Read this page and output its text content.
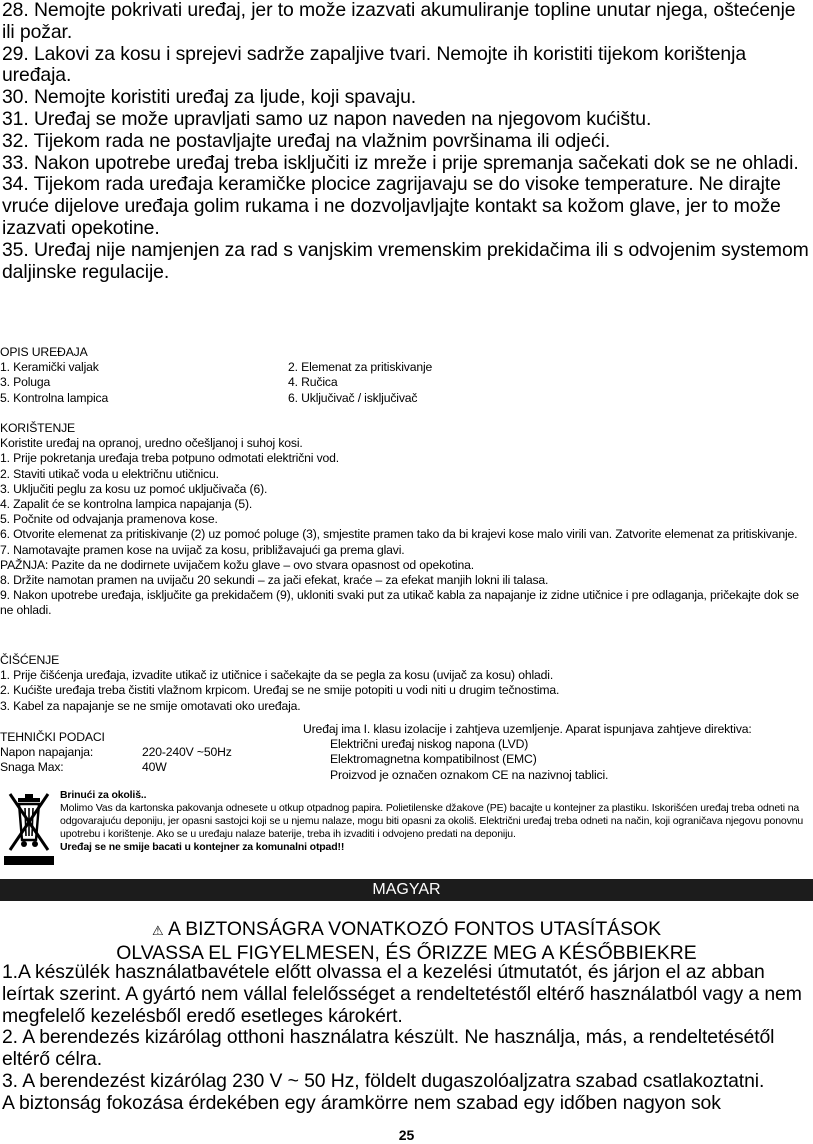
28. Nemojte pokrivati uređaj, jer to može izazvati akumuliranje topline unutar njega, oštećenje ili požar.

29. Lakovi za kosu i sprejevi sadrže zapaljive tvari. Nemojte ih koristiti tijekom korištenja uređaja.

30. Nemojte koristiti uređaj za ljude, koji spavaju.

31. Uređaj se može upravljati samo uz napon naveden na njegovom kućištu.

32. Tijekom rada ne postavljajte uređaj na vlažnim površinama ili odjeći.

33. Nakon upotrebe uređaj treba isključiti iz mreže i prije spremanja sačekati dok se ne ohladi.

34. Tijekom rada uređaja keramičke plocice zagrijavaju se do visoke temperature. Ne dirajte vruće dijelove uređaja golim rukama i ne dozvoljavljajte kontakt sa kožom glave, jer to može izazvati opekotine.

35. Uređaj nije namjenjen za rad s vanjskim vremenskim prekidačima ili s odvojenim systemom daljinske regulacije.

OPIS UREĐAJA

1. Keramički valjak	2. Elemenat za pritiskivanje
3. Poluga	4. Ručica
5. Kontrolna lampica	6. Uključivač / isključivač

KORIŠTENJE

Koristite uređaj na opranoj, uredno očešljanoj i suhoj kosi.

1. Prije pokretanja uređaja treba potpuno odmotati električni vod.

2. Staviti utikač voda u električnu utičnicu.

3. Uključiti peglu za kosu uz pomoć uključivača (6).

4. Zapalit će se kontrolna lampica napajanja (5).

5. Počnite od odvajanja pramenova kose.

6. Otvorite elemenat za pritiskivanje (2) uz pomoć poluge (3), smjestite pramen tako da bi krajevi kose malo virili van. Zatvorite elemenat za pritiskivanje.

7. Namotavajte pramen kose na uvijač za kosu, približavajući ga prema glavi.

PAŽNJA: Pazite da ne dodirnete uvijačem kožu glave – ovo stvara opasnost od opekotina.

8. Držite namotan pramen na uvijaču 20 sekundi – za jači efekat, kraće – za efekat manjih lokni ili talasa.

9. Nakon upotrebe uređaja, isključite ga prekidačem (9), ukloniti svaki put za utikač kabla za napajanje iz zidne utičnice i pre odlaganja, pričekajte dok se ne ohladi.

ČIŠĆENJE

1. Prije čišćenja uređaja, izvadite utikač iz utičnice i sačekajte da se pegla za kosu (uvijač za kosu) ohladi.

2. Kućište uređaja treba čistiti vlažnom krpicom. Uređaj se ne smije potopiti u vodi niti u drugim tečnostima.

3. Kabel za napajanje se ne smije omotavati oko uređaja.

TEHNIČKI PODACI

Napon napajanja:	220-240V ~50Hz
Snaga Max:	40W

Uređaj ima I. klasu izolacije i zahtjeva uzemljenje. Aparat ispunjava zahtjeve direktiva:

Električni uređaj niskog napona (LVD)

Elektromagnetna kompatibilnost (EMC)

Proizvod je označen oznakom CE na nazivnoj tablici.

Brinući za okoliš..

Molimo Vas da kartonska pakovanja odnesete u otkup otpadnog papira. Polietilenske džakove (PE) bacajte u kontejner za plastiku. Iskorišćen uređaj treba odneti na odgovarajuću deponiju, jer opasni sastojci koji se u njemu nalaze, mogu biti opasni za okoliš. Električni uređaj treba odneti na način, koji ograničava njegovu ponovnu upotrebu i korištenje. Ako se u uređaju nalaze baterije, treba ih izvaditi i odvojeno predati na deponiju.

Uređaj se ne smije bacati u kontejner za komunalni otpad!!

MAGYAR

⚠ A BIZTONSÁGRA VONATKOZÓ FONTOS UTASÍTÁSOK

OLVASSA EL FIGYELMESEN, ÉS ŐRIZZE MEG A KÉSŐBBIEKRE

1.A készülék használatbavétele előtt olvassa el a kezelési útmutatót, és járjon el az abban leírtak szerint. A gyártó nem vállal felelősséget a rendeltetéstől eltérő használatból vagy a nem megfelelő kezelésből eredő esetleges károkért.

2. A berendezés kizárólag otthoni használatra készült. Ne használja, más, a rendeltetésétől eltérő célra.

3. A berendezést kizárólag 230 V ~ 50 Hz, földelt dugaszolóaljzatra szabad csatlakoztatni.

A biztonság fokozása érdekében egy áramkörre nem szabad egy időben nagyon sok

25
